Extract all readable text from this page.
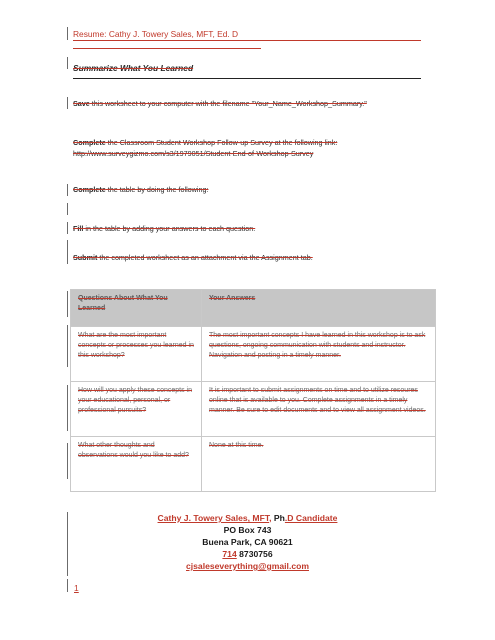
Resume: Cathy J. Towery Sales, MFT, Ed. D
Summarize What You Learned
Save this worksheet to your computer with the filename "Your_Name_Workshop_Summary."
Complete the Classroom Student Workshop Follow-up Survey at the following link:
http://www.surveygizmo.com/s3/1979051/Student-End-of-Workshop-Survey
Complete the table by doing the following:
Fill in the table by adding your answers to each question.
Submit the completed worksheet as an attachment via the Assignment tab.
Questions About What You Learned	Your Answers
What are the most important concepts or processes you learned in this workshop?	The most important concepts I have learned in this workshop is to ask questions, ongoing communication with students and instructor. Navigation and posting in a timely manner.
How will you apply these concepts in your educational, personal, or professional pursuits?	It is important to submit assignments on time and to utilize resoures online that is available to you. Complete assignments in a timely manner. Be sure to edit documents and to view all assignment videos.
What other thoughts and observations would you like to add?	None at this time.
Cathy J. Towery Sales, MFT, Ph.D Candidate
PO Box 743
Buena Park, CA 90621
714 8730756
cjsaleseverything@gmail.com
1
